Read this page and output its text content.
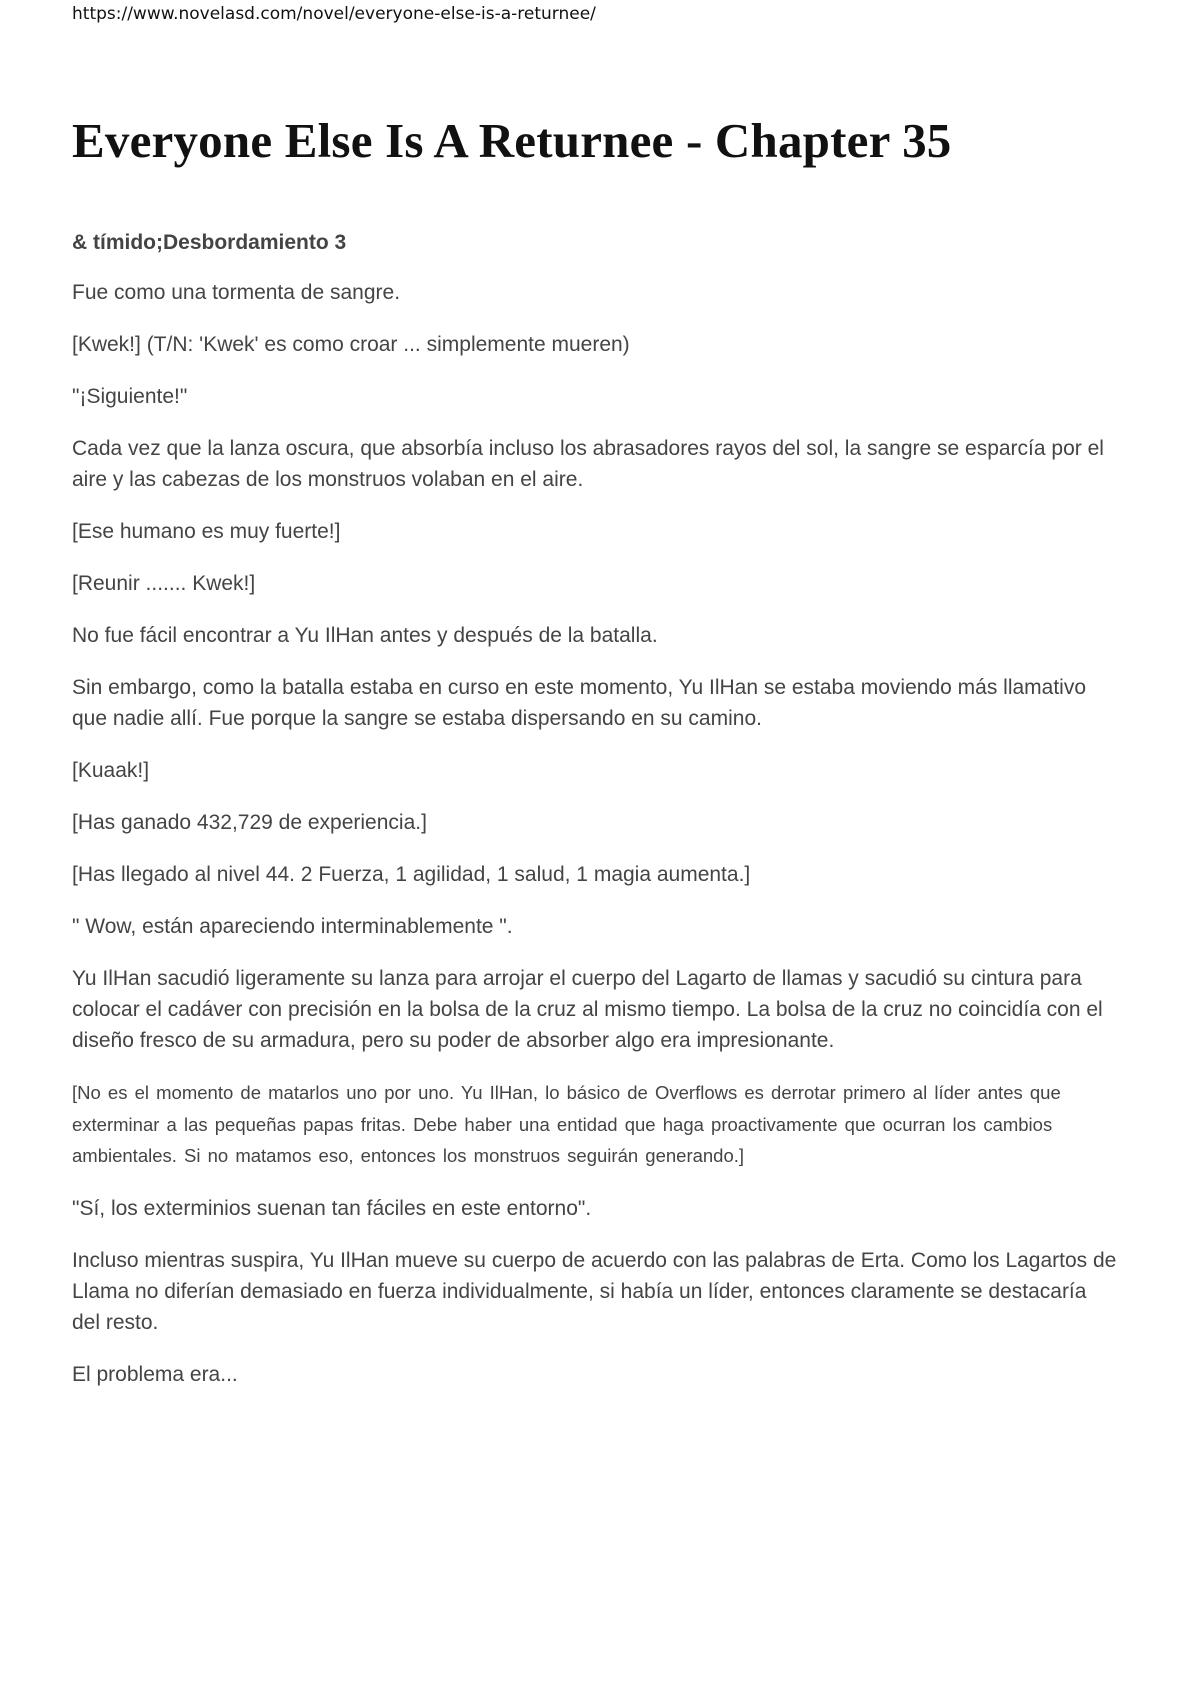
https://www.novelasd.com/novel/everyone-else-is-a-returnee/
Everyone Else Is A Returnee - Chapter 35

& tímido;Desbordamiento 3

Fue como una tormenta de sangre.

[Kwek!] (T/N: 'Kwek' es como croar ... simplemente mueren)

"¡Siguiente!"

Cada vez que la lanza oscura, que absorbía incluso los abrasadores rayos del sol, la sangre se esparcía por el aire y las cabezas de los monstruos volaban en el aire.

[Ese humano es muy fuerte!]

[Reunir ....... Kwek!]

No fue fácil encontrar a Yu IlHan antes y después de la batalla.

Sin embargo, como la batalla estaba en curso en este momento, Yu IlHan se estaba moviendo más llamativo que nadie allí. Fue porque la sangre se estaba dispersando en su camino.

[Kuaak!]

[Has ganado 432,729 de experiencia.]

[Has llegado al nivel 44. 2 Fuerza, 1 agilidad, 1 salud, 1 magia aumenta.]

" Wow, están apareciendo interminablemente ".

Yu IlHan sacudió ligeramente su lanza para arrojar el cuerpo del Lagarto de llamas y sacudió su cintura para colocar el cadáver con precisión en la bolsa de la cruz al mismo tiempo. La bolsa de la cruz no coincidía con el diseño fresco de su armadura, pero su poder de absorber algo era impresionante.

[No es el momento de matarlos uno por uno. Yu IlHan, lo básico de Overflows es derrotar primero al líder antes que exterminar a las pequeñas papas fritas. Debe haber una entidad que haga proactivamente que ocurran los cambios ambientales. Si no matamos eso, entonces los monstruos seguirán generando.]

"Sí, los exterminios suenan tan fáciles en este entorno".

Incluso mientras suspira, Yu IlHan mueve su cuerpo de acuerdo con las palabras de Erta. Como los Lagartos de Llama no diferían demasiado en fuerza individualmente, si había un líder, entonces claramente se destacaría del resto.

El problema era...
